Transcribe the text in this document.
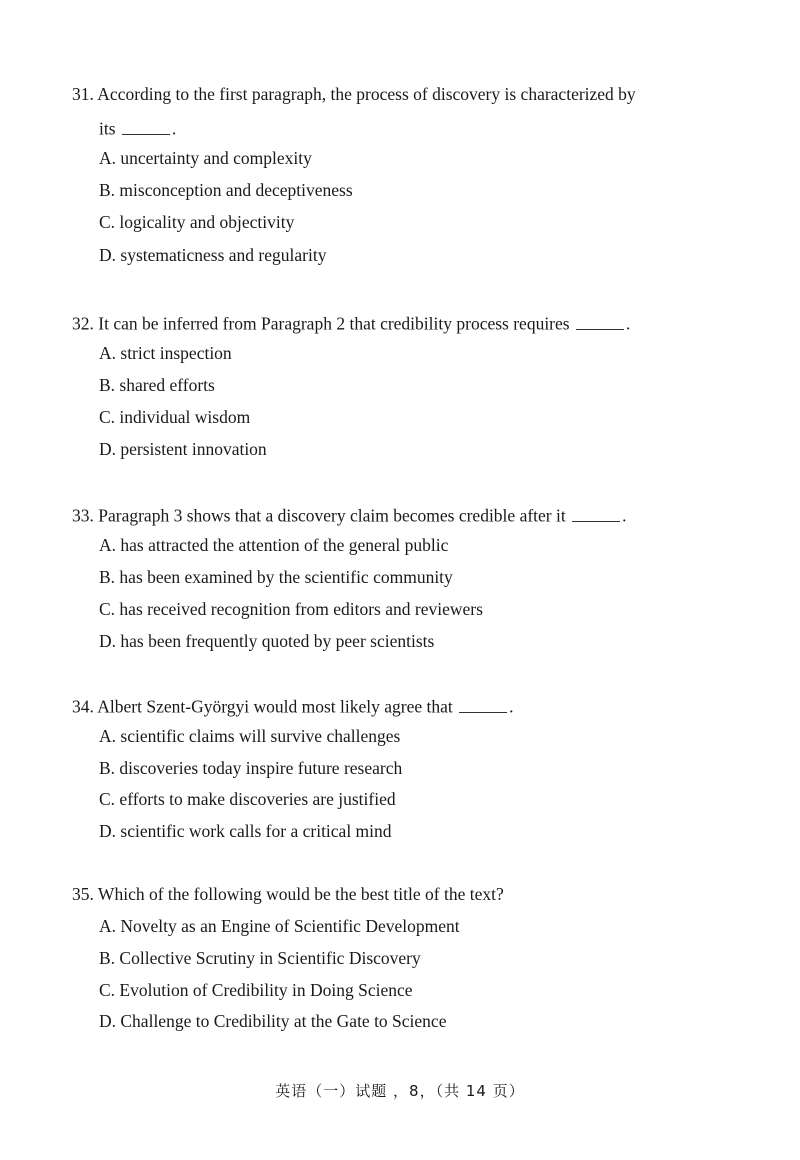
31. According to the first paragraph, the process of discovery is characterized by
its	.
A. uncertainty and complexity
B. misconception and deceptiveness
C. logicality and objectivity
D. systematicness and regularity
32. It can be inferred from Paragraph 2 that credibility process requires	.
A. strict inspection
B. shared efforts
C. individual wisdom
D. persistent innovation
33. Paragraph 3 shows that a discovery claim becomes credible after it	.
A. has attracted the attention of the general public
B. has been examined by the scientific community
C. has received recognition from editors and reviewers
D. has been frequently quoted by peer scientists
34. Albert Szent-Györgyi would most likely agree that	.
A. scientific claims will survive challenges
B. discoveries today inspire future research
C. efforts to make discoveries are justified
D. scientific work calls for a critical mind
35. Which of the following would be the best title of the text?
A. Novelty as an Engine of Scientific Development
B. Collective Scrutiny in Scientific Discovery
C. Evolution of Credibility in Doing Science
D. Challenge to Credibility at the Gate to Science
英语（一）试题 ，8，（共 14 页）
